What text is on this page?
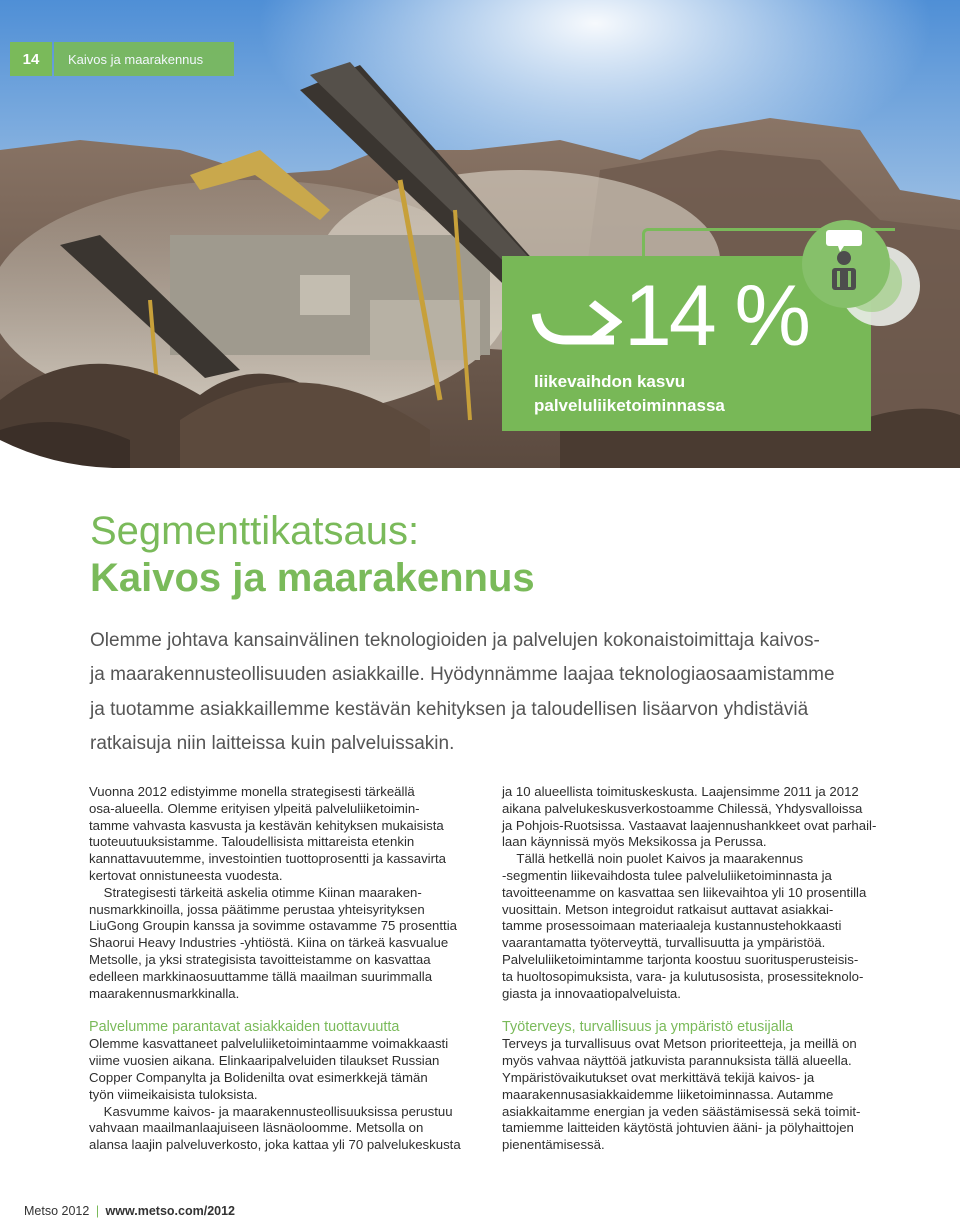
14	Kaivos ja maarakennus
14 %
liikevaihdon kasvu
palveluliiketoiminnassa
Segmenttikatsaus:
Kaivos ja maarakennus
Olemme johtava kansainvälinen teknologioiden ja palvelujen kokonaistoimittaja kaivos-
ja maarakennusteollisuuden asiakkaille. Hyödynnämme laajaa teknologiaosaamistamme
ja tuotamme asiakkaillemme kestävän kehityksen ja taloudellisen lisäarvon yhdistäviä
ratkaisuja niin laitteissa kuin palveluissakin.
Vuonna 2012 edistyimme monella strategisesti tärkeällä
osa-alueella. Olemme erityisen ylpeitä palveluliiketoimin-
tamme vahvasta kasvusta ja kestävän kehityksen mukaisista
tuoteuutuuksistamme. Taloudellisista mittareista etenkin
kannattavuutemme, investointien tuottoprosentti ja kassavirta
kertovat onnistuneesta vuodesta.
Strategisesti tärkeitä askelia otimme Kiinan maaraken-
nusmarkkinoilla, jossa päätimme perustaa yhteisyrityksen
LiuGong Groupin kanssa ja sovimme ostavamme 75 prosenttia
Shaorui Heavy Industries -yhtiöstä. Kiina on tärkeä kasvualue
Metsolle, ja yksi strategisista tavoitteistamme on kasvattaa
edelleen markkinaosuuttamme tällä maailman suurimmalla
maarakennusmarkkinalla.
Palvelumme parantavat asiakkaiden tuottavuutta
Olemme kasvattaneet palveluliiketoimintaamme voimakkaasti
viime vuosien aikana. Elinkaaripalveluiden tilaukset Russian
Copper Companylta ja Bolidenilta ovat esimerkkejä tämän
työn viimeikaisista tuloksista.
Kasvumme kaivos- ja maarakennusteollisuuksissa perustuu
vahvaan maailmanlaajuiseen läsnäoloomme. Metsolla on
alansa laajin palveluverkosto, joka kattaa yli 70 palvelukeskusta
ja 10 alueellista toimituskeskusta. Laajensimme 2011 ja 2012
aikana palvelukeskusverkostoamme Chilessä, Yhdysvalloissa
ja Pohjois-Ruotsissa. Vastaavat laajennushankkeet ovat parhail-
laan käynnissä myös Meksikossa ja Perussa.
Tällä hetkellä noin puolet Kaivos ja maarakennus
-segmentin liikevaihdosta tulee palveluliiketoiminnasta ja
tavoitteenamme on kasvattaa sen liikevaihtoa yli 10 prosentilla
vuosittain. Metson integroidut ratkaisut auttavat asiakkai-
tamme prosessoimaan materiaaleja kustannustehokkaasti
vaarantamatta työterveyttä, turvallisuutta ja ympäristöä.
Palveluliiketoimintamme tarjonta koostuu suoritusperusteisis-
ta huoltosopimuksista, vara- ja kulutusosista, prosessiteknolo-
giasta ja innovaatiopalveluista.
Työterveys, turvallisuus ja ympäristö etusijalla
Terveys ja turvallisuus ovat Metson prioriteetteja, ja meillä on
myös vahvaa näyttöä jatkuvista parannuksista tällä alueella.
Ympäristövaikutukset ovat merkittävä tekijä kaivos- ja
maarakennusasiakkaidemme liiketoiminnassa. Autamme
asiakkaitamme energian ja veden säästämisessä sekä toimit-
tamiemme laitteiden käytöstä johtuvien ääni- ja pölyhaittojen
pienentämisessä.
Metso 2012 | www.metso.com/2012
